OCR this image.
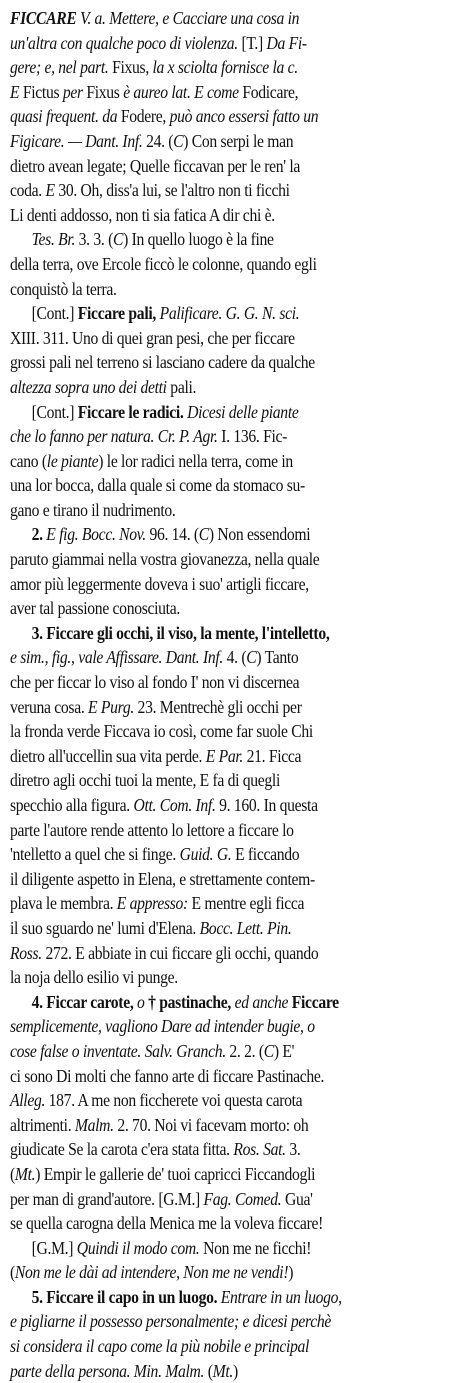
FICCARE V. a. Mettere, e Cacciare una cosa in
un'altra con qualche poco di violenza. [T.] Da Fi-
gere; e, nel part. Fixus, la x sciolta fornisce la c.
E Fictus per Fixus è aureo lat. E come Fodicare,
quasi frequent. da Fodere, può anco essersi fatto un
Figicare. — Dant. Inf. 24. (C) Con serpi le man
dietro avean legate; Quelle ficcavan per le ren' la
coda. E 30. Oh, diss'a lui, se l'altro non ti ficchi
Li denti addosso, non ti sia fatica A dir chi è.
Tes. Br. 3. 3. (C) In quello luogo è la fine
della terra, ove Ercole ficcò le colonne, quando egli
conquistò la terra.
[Cont.] Ficcare pali, Palificare. G. G. N. sci.
XIII. 311. Uno di quei gran pesi, che per ficcare
grossi pali nel terreno si lasciano cadere da qualche
altezza sopra uno dei detti pali.
[Cont.] Ficcare le radici. Dicesi delle piante
che lo fanno per natura. Cr. P. Agr. I. 136. Fic-
cano (le piante) le lor radici nella terra, come in
una lor bocca, dalla quale si come da stomaco su-
gano e tirano il nudrimento.
2. E fig. Bocc. Nov. 96. 14. (C) Non essendomi
paruto giammai nella vostra giovanezza, nella quale
amor più leggermente doveva i suo' artigli ficcare,
aver tal passione conosciuta.
3. Ficcare gli occhi, il viso, la mente, l'intelletto,
e sim., fig., vale Affissare. Dant. Inf. 4. (C) Tanto
che per ficcar lo viso al fondo I' non vi discernea
veruna cosa. E Purg. 23. Mentrechè gli occhi per
la fronda verde Ficcava io così, come far suole Chi
dietro all'uccellin sua vita perde. E Par. 21. Ficca
diretro agli occhi tuoi la mente, E fa di quegli
specchio alla figura. Ott. Com. Inf. 9. 160. In questa
parte l'autore rende attento lo lettore a ficcare lo
'ntelletto a quel che si finge. Guid. G. E ficcando
il diligente aspetto in Elena, e strettamente contem-
plava le membra. E appresso: E mentre egli ficca
il suo sguardo ne' lumi d'Elena. Bocc. Lett. Pin.
Ross. 272. E abbiate in cui ficcare gli occhi, quando
la noja dello esilio vi punge.
4. Ficcar carote, o † pastinache, ed anche Ficcare
semplicemente, vagliono Dare ad intender bugie, o
cose false o inventate. Salv. Granch. 2. 2. (C) E'
ci sono Di molti che fanno arte di ficcare Pastinache.
Alleg. 187. A me non ficcherete voi questa carota
altrimenti. Malm. 2. 70. Noi vi facevam morto: oh
giudicate Se la carota c'era stata fitta. Ros. Sat. 3.
(Mt.) Empir le gallerie de' tuoi capricci Ficcandogli
per man di grand'autore. [G.M.] Fag. Comed. Gua'
se quella carogna della Menica me la voleva ficcare!
[G.M.] Quindi il modo com. Non me ne ficchi!
(Non me le dài ad intendere, Non me ne vendi!)
5. Ficcare il capo in un luogo. Entrare in un luogo,
e pigliarne il possesso personalmente; e dicesi perchè
si considera il capo come la più nobile e principal
parte della persona. Min. Malm. (Mt.)
